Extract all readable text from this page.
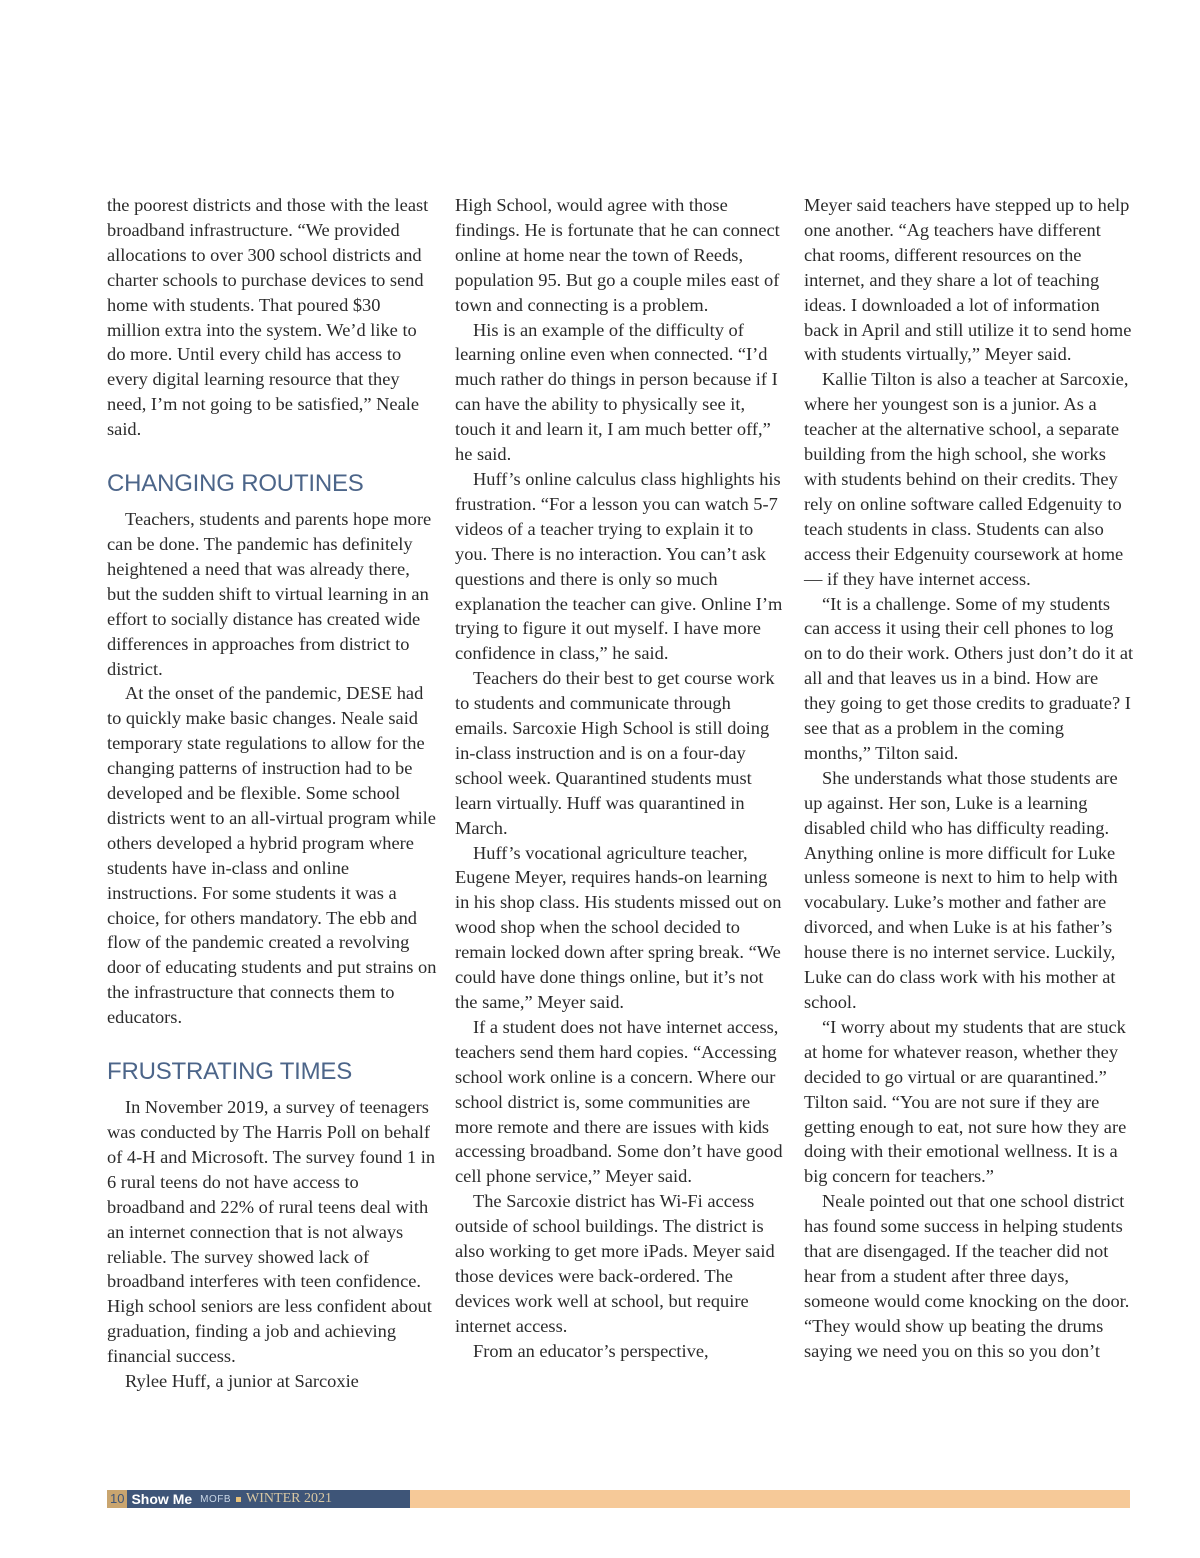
the poorest districts and those with the least broadband infrastructure. “We provided allocations to over 300 school districts and charter schools to purchase devices to send home with students. That poured $30 million extra into the system. We’d like to do more. Until every child has access to every digital learning resource that they need, I’m not going to be satisfied,” Neale said.

CHANGING ROUTINES

Teachers, students and parents hope more can be done. The pandemic has definitely heightened a need that was already there, but the sudden shift to virtual learning in an effort to socially distance has created wide differences in approaches from district to district.

At the onset of the pandemic, DESE had to quickly make basic changes. Neale said temporary state regulations to allow for the changing patterns of instruction had to be developed and be flexible. Some school districts went to an all-virtual program while others developed a hybrid program where students have in-class and online instructions. For some students it was a choice, for others mandatory. The ebb and flow of the pandemic created a revolving door of educating students and put strains on the infrastructure that connects them to educators.

FRUSTRATING TIMES

In November 2019, a survey of teenagers was conducted by The Harris Poll on behalf of 4-H and Microsoft. The survey found 1 in 6 rural teens do not have access to broadband and 22% of rural teens deal with an internet connection that is not always reliable. The survey showed lack of broadband interferes with teen confidence. High school seniors are less confident about graduation, finding a job and achieving financial success.

Rylee Huff, a junior at Sarcoxie

High School, would agree with those findings. He is fortunate that he can connect online at home near the town of Reeds, population 95. But go a couple miles east of town and connecting is a problem.

His is an example of the difficulty of learning online even when connected. “I’d much rather do things in person because if I can have the ability to physically see it, touch it and learn it, I am much better off,” he said.

Huff’s online calculus class highlights his frustration. “For a lesson you can watch 5-7 videos of a teacher trying to explain it to you. There is no interaction. You can’t ask questions and there is only so much explanation the teacher can give. Online I’m trying to figure it out myself. I have more confidence in class,” he said.

Teachers do their best to get course work to students and communicate through emails. Sarcoxie High School is still doing in-class instruction and is on a four-day school week. Quarantined students must learn virtually. Huff was quarantined in March.

Huff’s vocational agriculture teacher, Eugene Meyer, requires hands-on learning in his shop class. His students missed out on wood shop when the school decided to remain locked down after spring break. “We could have done things online, but it’s not the same,” Meyer said.

If a student does not have internet access, teachers send them hard copies. “Accessing school work online is a concern. Where our school district is, some communities are more remote and there are issues with kids accessing broadband. Some don’t have good cell phone service,” Meyer said.

The Sarcoxie district has Wi-Fi access outside of school buildings. The district is also working to get more iPads. Meyer said those devices were back-ordered. The devices work well at school, but require internet access.

From an educator’s perspective,

Meyer said teachers have stepped up to help one another. “Ag teachers have different chat rooms, different resources on the internet, and they share a lot of teaching ideas. I downloaded a lot of information back in April and still utilize it to send home with students virtually,” Meyer said.

Kallie Tilton is also a teacher at Sarcoxie, where her youngest son is a junior. As a teacher at the alternative school, a separate building from the high school, she works with students behind on their credits. They rely on online software called Edgenuity to teach students in class. Students can also access their Edgenuity coursework at home — if they have internet access.

“It is a challenge. Some of my students can access it using their cell phones to log on to do their work. Others just don’t do it at all and that leaves us in a bind. How are they going to get those credits to graduate? I see that as a problem in the coming months,” Tilton said.

She understands what those students are up against. Her son, Luke is a learning disabled child who has difficulty reading. Anything online is more difficult for Luke unless someone is next to him to help with vocabulary. Luke’s mother and father are divorced, and when Luke is at his father’s house there is no internet service. Luckily, Luke can do class work with his mother at school.

“I worry about my students that are stuck at home for whatever reason, whether they decided to go virtual or are quarantined.” Tilton said. “You are not sure if they are getting enough to eat, not sure how they are doing with their emotional wellness. It is a big concern for teachers.”

Neale pointed out that one school district has found some success in helping students that are disengaged. If the teacher did not hear from a student after three days, someone would come knocking on the door. “They would show up beating the drums saying we need you on this so you don’t

10 Show Me MOFB WINTER 2021
